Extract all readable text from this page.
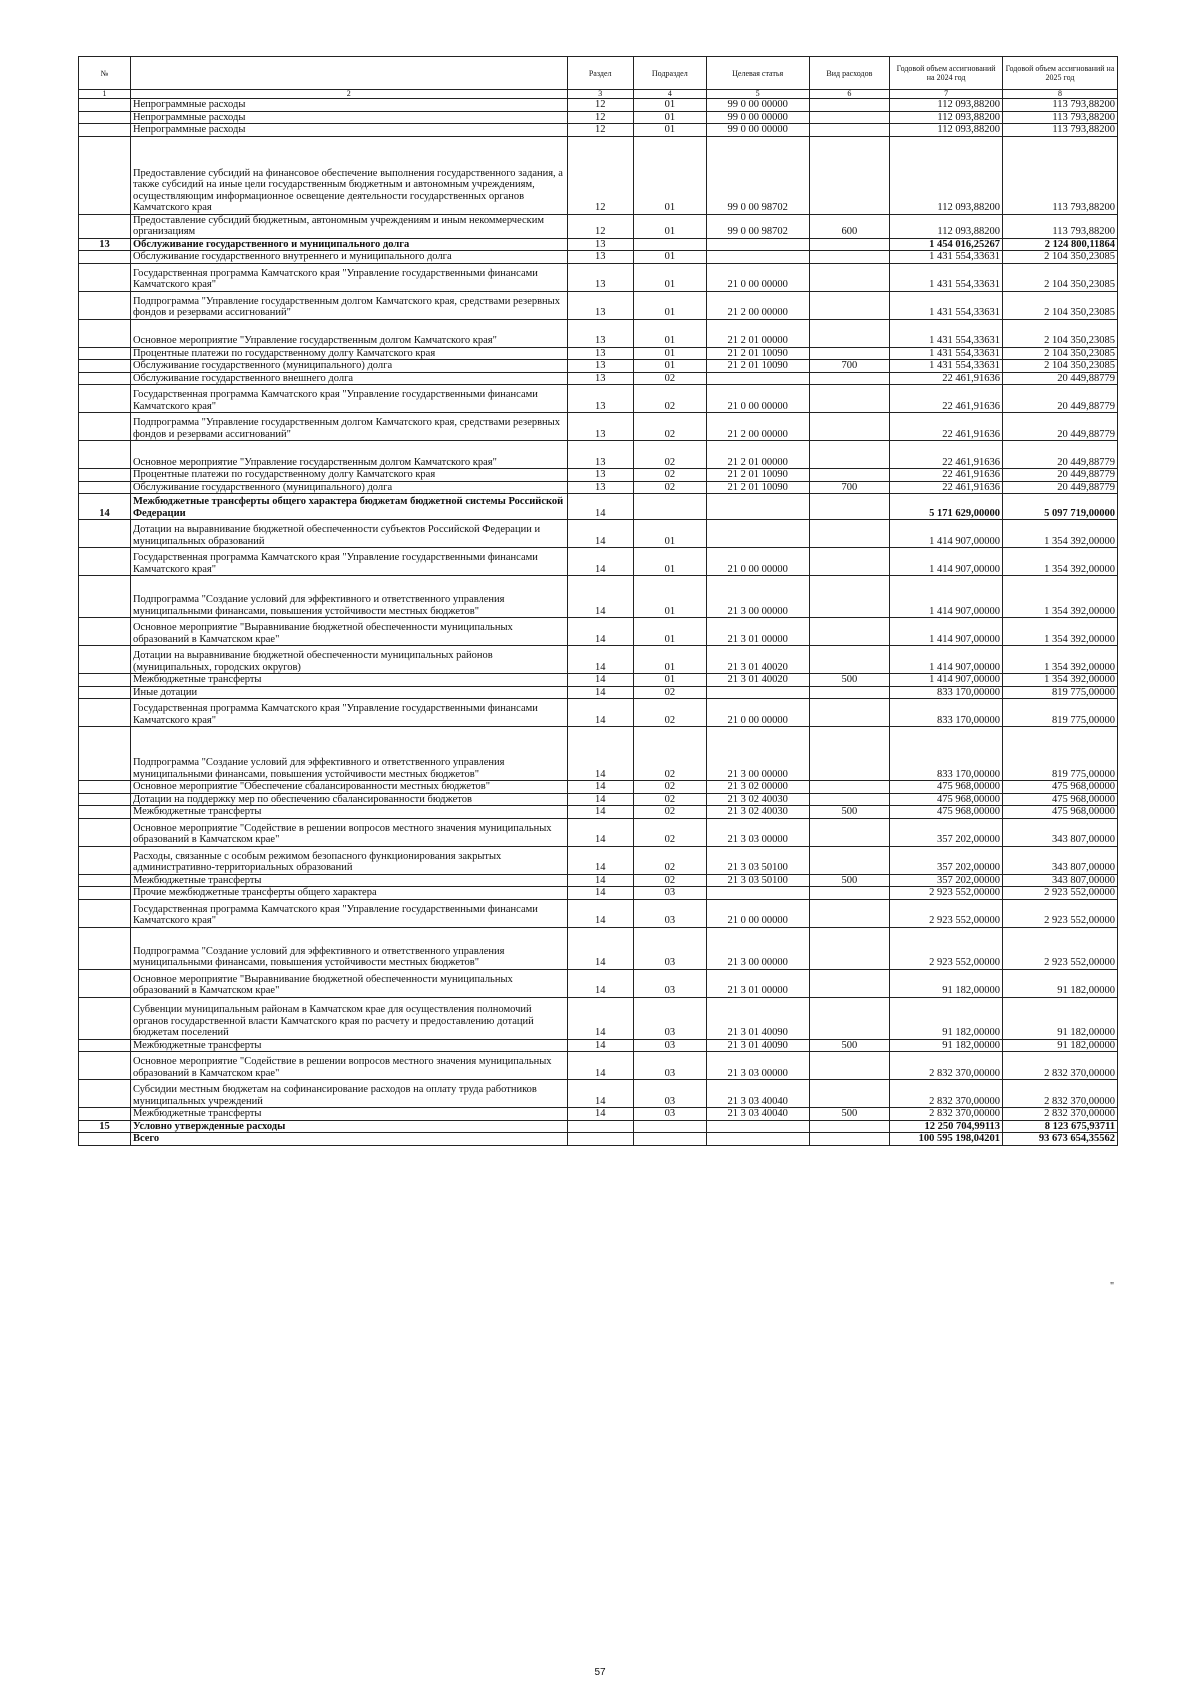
№		Раздел	Подраздел	Целевая статья	Вид расходов	Годовой объем ассигнований на 2024 год	Годовой объем ассигнований на 2025 год
1	2	3	4	5	6	7	8
	Непрограммные расходы	12	01	99 0 00 00000		112 093,88200	113 793,88200
	Непрограммные расходы	12	01	99 0 00 00000		112 093,88200	113 793,88200
	Непрограммные расходы	12	01	99 0 00 00000		112 093,88200	113 793,88200
	Предоставление субсидий на финансовое обеспечение выполнения государственного задания, а также субсидий на иные цели государственным бюджетным и автономным учреждениям, осуществляющим информационное освещение деятельности государственных органов Камчатского края	12	01	99 0 00 98702		112 093,88200	113 793,88200
	Предоставление субсидий бюджетным, автономным учреждениям и иным некоммерческим организациям	12	01	99 0 00 98702	600	112 093,88200	113 793,88200
13	Обслуживание государственного и муниципального долга	13				1 454 016,25267	2 124 800,11864
	Обслуживание государственного внутреннего и муниципального долга	13	01			1 431 554,33631	2 104 350,23085
	Государственная программа Камчатского края "Управление государственными финансами Камчатского края"	13	01	21 0 00 00000		1 431 554,33631	2 104 350,23085
	Подпрограмма "Управление государственным долгом Камчатского края, средствами резервных фондов и резервами ассигнований"	13	01	21 2 00 00000		1 431 554,33631	2 104 350,23085
	Основное мероприятие "Управление государственным долгом Камчатского края"	13	01	21 2 01 00000		1 431 554,33631	2 104 350,23085
	Процентные платежи по государственному долгу Камчатского края	13	01	21 2 01 10090		1 431 554,33631	2 104 350,23085
	Обслуживание государственного (муниципального) долга	13	01	21 2 01 10090	700	1 431 554,33631	2 104 350,23085
	Обслуживание государственного внешнего долга	13	02			22 461,91636	20 449,88779
	Государственная программа Камчатского края "Управление государственными финансами Камчатского края"	13	02	21 0 00 00000		22 461,91636	20 449,88779
	Подпрограмма "Управление государственным долгом Камчатского края, средствами резервных фондов и резервами ассигнований"	13	02	21 2 00 00000		22 461,91636	20 449,88779
	Основное мероприятие "Управление государственным долгом Камчатского края"	13	02	21 2 01 00000		22 461,91636	20 449,88779
	Процентные платежи по государственному долгу Камчатского края	13	02	21 2 01 10090		22 461,91636	20 449,88779
	Обслуживание государственного (муниципального) долга	13	02	21 2 01 10090	700	22 461,91636	20 449,88779
14	Межбюджетные трансферты общего характера бюджетам бюджетной системы Российской Федерации	14				5 171 629,00000	5 097 719,00000
	Дотации на выравнивание бюджетной обеспеченности субъектов Российской Федерации и муниципальных образований	14	01			1 414 907,00000	1 354 392,00000
	Государственная программа Камчатского края "Управление государственными финансами Камчатского края"	14	01	21 0 00 00000		1 414 907,00000	1 354 392,00000
	Подпрограмма "Создание условий для эффективного и ответственного управления муниципальными финансами, повышения устойчивости местных бюджетов"	14	01	21 3 00 00000		1 414 907,00000	1 354 392,00000
	Основное мероприятие "Выравнивание бюджетной обеспеченности муниципальных образований в Камчатском крае"	14	01	21 3 01 00000		1 414 907,00000	1 354 392,00000
	Дотации на выравнивание бюджетной обеспеченности муниципальных районов (муниципальных, городских округов)	14	01	21 3 01 40020		1 414 907,00000	1 354 392,00000
	Межбюджетные трансферты	14	01	21 3 01 40020	500	1 414 907,00000	1 354 392,00000
	Иные дотации	14	02			833 170,00000	819 775,00000
	Государственная программа Камчатского края "Управление государственными финансами Камчатского края"	14	02	21 0 00 00000		833 170,00000	819 775,00000
	Подпрограмма "Создание условий для эффективного и ответственного управления муниципальными финансами, повышения устойчивости местных бюджетов"	14	02	21 3 00 00000		833 170,00000	819 775,00000
	Основное мероприятие "Обеспечение сбалансированности местных бюджетов"	14	02	21 3 02 00000		475 968,00000	475 968,00000
	Дотации на поддержку мер по обеспечению сбалансированности бюджетов	14	02	21 3 02 40030		475 968,00000	475 968,00000
	Межбюджетные трансферты	14	02	21 3 02 40030	500	475 968,00000	475 968,00000
	Основное мероприятие "Содействие в решении вопросов местного значения муниципальных образований в Камчатском крае"	14	02	21 3 03 00000		357 202,00000	343 807,00000
	Расходы, связанные с особым режимом безопасного функционирования закрытых административно-территориальных образований	14	02	21 3 03 50100		357 202,00000	343 807,00000
	Межбюджетные трансферты	14	02	21 3 03 50100	500	357 202,00000	343 807,00000
	Прочие межбюджетные трансферты общего характера	14	03			2 923 552,00000	2 923 552,00000
	Государственная программа Камчатского края "Управление государственными финансами Камчатского края"	14	03	21 0 00 00000		2 923 552,00000	2 923 552,00000
	Подпрограмма "Создание условий для эффективного и ответственного управления муниципальными финансами, повышения устойчивости местных бюджетов"	14	03	21 3 00 00000		2 923 552,00000	2 923 552,00000
	Основное мероприятие "Выравнивание бюджетной обеспеченности муниципальных образований в Камчатском крае"	14	03	21 3 01 00000		91 182,00000	91 182,00000
	Субвенции муниципальным районам в Камчатском крае для осуществления полномочий органов государственной власти Камчатского края по расчету и предоставлению дотаций бюджетам поселений	14	03	21 3 01 40090		91 182,00000	91 182,00000
	Межбюджетные трансферты	14	03	21 3 01 40090	500	91 182,00000	91 182,00000
	Основное мероприятие "Содействие в решении вопросов местного значения муниципальных образований в Камчатском крае"	14	03	21 3 03 00000		2 832 370,00000	2 832 370,00000
	Субсидии местным бюджетам на софинансирование расходов на оплату труда работников муниципальных учреждений	14	03	21 3 03 40040		2 832 370,00000	2 832 370,00000
	Межбюджетные трансферты	14	03	21 3 03 40040	500	2 832 370,00000	2 832 370,00000
15	Условно утвержденные расходы					12 250 704,99113	8 123 675,93711
	Всего					100 595 198,04201	93 673 654,35562
"
57
